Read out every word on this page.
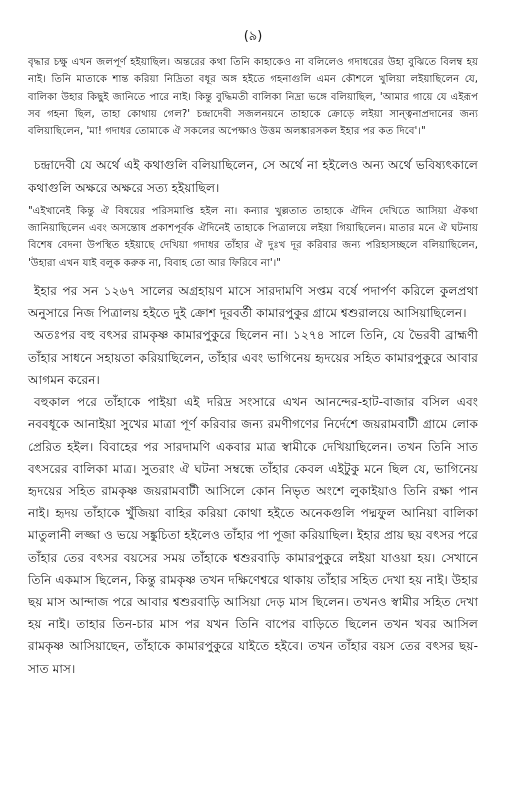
(৯)

বৃদ্ধার চক্ষু এখন জলপূর্ণ হইয়াছিল। অন্তরের কথা তিনি কাহাকেও না বলিলেও গদাধরের উহা বুঝিতে বিলম্ব হয় নাই। তিনি মাতাকে শান্ত করিয়া নিদ্রিতা বধূর অঙ্গ হইতে গহনাগুলি এমন কৌশলে খুলিয়া লইয়াছিলেন যে, বালিকা উহার কিছুই জানিতে পারে নাই। কিন্তু বুদ্ধিমতী বালিকা নিদ্রা ভঙ্গে বলিয়াছিল, 'আমার গায়ে যে এইরূপ সব গহনা ছিল, তাহা কোথায় গেল?' চন্দ্রাদেবী সজলনয়নে তাহাকে ক্রোড়ে লইয়া সান্ত্বনাপ্রদানের জন্য বলিয়াছিলেন, 'মা! গদাধর তোমাকে ঐ সকলের অপেক্ষাও উত্তম অলঙ্কারসকল ইহার পর কত দিবে'।"

চন্দ্রাদেবী যে অর্থে এই কথাগুলি বলিয়াছিলেন, সে অর্থে না হইলেও অন্য অর্থে ভবিষ্যৎকালে কথাগুলি অক্ষরে অক্ষরে সত্য হইয়াছিল।

"এইখানেই কিন্তু ঐ বিষয়ের পরিসমাপ্তি হইল না। কন্যার খুল্লতাত তাহাকে ঐদিন দেখিতে আসিয়া ঐকথা জানিয়াছিলেন এবং অসন্তোষ প্রকাশপূর্বক ঐদিনেই তাহাকে পিত্রালয়ে লইয়া গিয়াছিলেন। মাতার মনে ঐ ঘটনায় বিশেষ বেদনা উপস্থিত হইয়াছে দেখিয়া গদাধর তাঁহার ঐ দুঃখ দূর করিবার জন্য পরিহাসচ্ছলে বলিয়াছিলেন, 'উহারা এখন যাই বলুক করুক না, বিবাহ তো আর ফিরিবে না'।"

ইহার পর সন ১২৬৭ সালের অগ্রহায়ণ মাসে সারদামণি সপ্তম বর্ষে পদার্পণ করিলে কুলপ্রথা অনুসারে নিজ পিত্রালয় হইতে দুই ক্রোশ দূরবর্তী কামারপুকুর গ্রামে শ্বশুরালয়ে আসিয়াছিলেন।

অতঃপর বহু বৎসর রামকৃষ্ণ কামারপুকুরে ছিলেন না। ১২৭৪ সালে তিনি, যে ভৈরবী ব্রাহ্মণী তাঁহার সাধনে সহায়তা করিয়াছিলেন, তাঁহার এবং ভাগিনেয় হৃদয়ের সহিত কামারপুকুরে আবার আগমন করেন।

বহুকাল পরে তাঁহাকে পাইয়া এই দরিদ্র সংসারে এখন আনন্দের-হাট-বাজার বসিল এবং নববধূকে আনাইয়া সুখের মাত্রা পূর্ণ করিবার জন্য রমণীগণের নির্দেশে জয়রামবাটী গ্রামে লোক প্রেরিত হইল। বিবাহের পর সারদামণি একবার মাত্র স্বামীকে দেখিয়াছিলেন। তখন তিনি সাত বৎসরের বালিকা মাত্র। সুতরাং ঐ ঘটনা সম্বন্ধে তাঁহার কেবল এইটুকু মনে ছিল যে, ভাগিনেয় হৃদয়ের সহিত রামকৃষ্ণ জয়রামবাটী আসিলে কোন নিভৃত অংশে লুকাইয়াও তিনি রক্ষা পান নাই। হৃদয় তাঁহাকে খুঁজিয়া বাহির করিয়া কোথা হইতে অনেকগুলি পদ্মফুল আনিয়া বালিকা মাতুলানী লজ্জা ও ভয়ে সঙ্কুচিতা হইলেও তাঁহার পা পূজা করিয়াছিল। ইহার প্রায় ছয় বৎসর পরে তাঁহার তের বৎসর বয়সের সময় তাঁহাকে শ্বশুরবাড়ি কামারপুকুরে লইয়া যাওয়া হয়। সেখানে তিনি একমাস ছিলেন, কিন্তু রামকৃষ্ণ তখন দক্ষিণেশ্বরে থাকায় তাঁহার সহিত দেখা হয় নাই। উহার ছয় মাস আন্দাজ পরে আবার শ্বশুরবাড়ি আসিয়া দেড় মাস ছিলেন। তখনও স্বামীর সহিত দেখা হয় নাই। তাহার তিন-চার মাস পর যখন তিনি বাপের বাড়িতে ছিলেন তখন খবর আসিল রামকৃষ্ণ আসিয়াছেন, তাঁহাকে কামারপুকুরে যাইতে হইবে। তখন তাঁহার বয়স তের বৎসর ছয়-সাত মাস।
